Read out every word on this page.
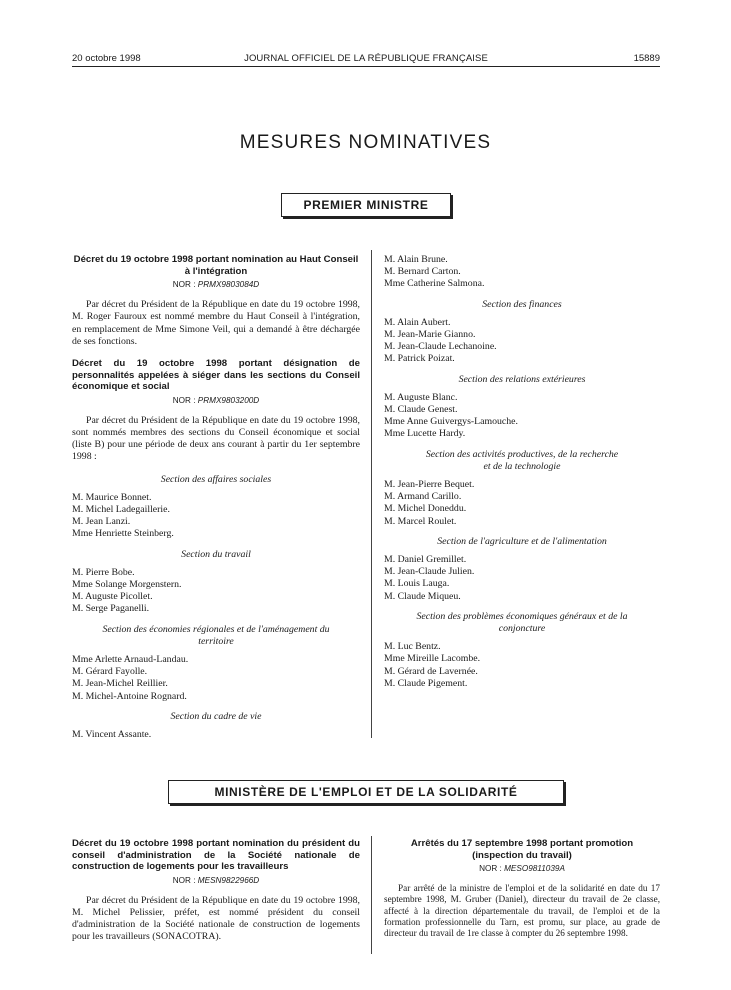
20 octobre 1998	JOURNAL OFFICIEL DE LA RÉPUBLIQUE FRANÇAISE	15889
MESURES NOMINATIVES
PREMIER MINISTRE
Décret du 19 octobre 1998 portant nomination au Haut Conseil à l'intégration
NOR : PRMX9803084D

Par décret du Président de la République en date du 19 octobre 1998, M. Roger Fauroux est nommé membre du Haut Conseil à l'intégration, en remplacement de Mme Simone Veil, qui a demandé à être déchargée de ses fonctions.

Décret du 19 octobre 1998 portant désignation de personnalités appelées à siéger dans les sections du Conseil économique et social
NOR : PRMX9803200D

Par décret du Président de la République en date du 19 octobre 1998, sont nommés membres des sections du Conseil économique et social (liste B) pour une période de deux ans courant à partir du 1er septembre 1998 :

Section des affaires sociales
M. Maurice Bonnet.
M. Michel Ladegaillerie.
M. Jean Lanzi.
Mme Henriette Steinberg.
Section du travail
M. Pierre Bobe.
Mme Solange Morgenstern.
M. Auguste Picollet.
M. Serge Paganelli.
Section des économies régionales et de l'aménagement du territoire
Mme Arlette Arnaud-Landau.
M. Gérard Fayolle.
M. Jean-Michel Reillier.
M. Michel-Antoine Rognard.
Section du cadre de vie
M. Vincent Assante.
M. Alain Brune.
M. Bernard Carton.
Mme Catherine Salmona.
Section des finances
M. Alain Aubert.
M. Jean-Marie Gianno.
M. Jean-Claude Lechanoine.
M. Patrick Poizat.
Section des relations extérieures
M. Auguste Blanc.
M. Claude Genest.
Mme Anne Guivergys-Lamouche.
Mme Lucette Hardy.
Section des activités productives, de la recherche et de la technologie
M. Jean-Pierre Bequet.
M. Armand Carillo.
M. Michel Doneddu.
M. Marcel Roulet.
Section de l'agriculture et de l'alimentation
M. Daniel Gremillet.
M. Jean-Claude Julien.
M. Louis Lauga.
M. Claude Miqueu.
Section des problèmes économiques généraux et de la conjoncture
M. Luc Bentz.
Mme Mireille Lacombe.
M. Gérard de Lavernée.
M. Claude Pigement.
MINISTÈRE DE L'EMPLOI ET DE LA SOLIDARITÉ
Décret du 19 octobre 1998 portant nomination du président du conseil d'administration de la Société nationale de construction de logements pour les travailleurs
NOR : MESN9822966D

Par décret du Président de la République en date du 19 octobre 1998, M. Michel Pelissier, préfet, est nommé président du conseil d'administration de la Société nationale de construction de logements pour les travailleurs (SONACOTRA).

Arrêtés du 17 septembre 1998 portant promotion
(inspection du travail)
NOR : MESO9811039A

Par arrêté de la ministre de l'emploi et de la solidarité en date du 17 septembre 1998, M. Gruber (Daniel), directeur du travail de 2e classe, affecté à la direction départementale du travail, de l'emploi et de la formation professionnelle du Tarn, est promu, sur place, au grade de directeur du travail de 1re classe à compter du 26 septembre 1998.
